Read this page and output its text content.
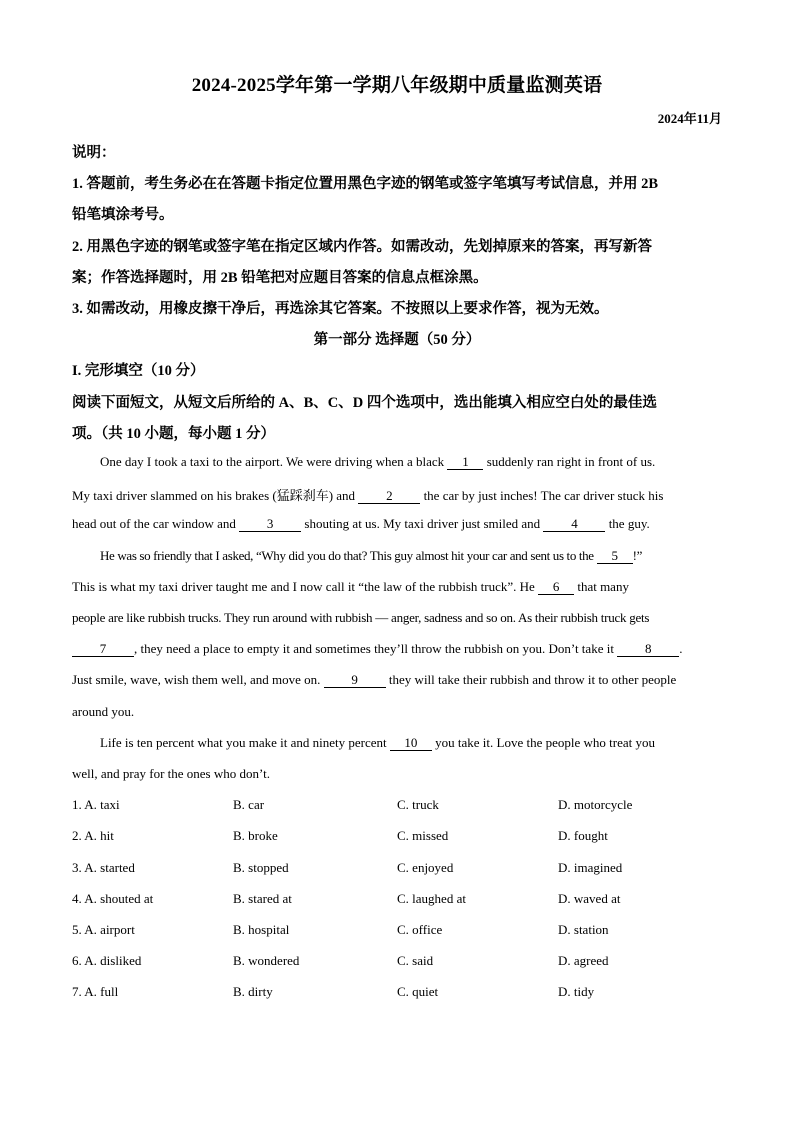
2024-2025学年第一学期八年级期中质量监测英语
2024年11月
说明：
1. 答题前，考生务必在在答题卡指定位置用黑色字迹的钢笔或签字笔填写考试信息，并用 2B
铅笔填涂考号。
2. 用黑色字迹的钢笔或签字笔在指定区域内作答。如需改动，先划掉原来的答案，再写新答
案；作答选择题时，用 2B 铅笔把对应题目答案的信息点框涂黑。
3. 如需改动，用橡皮擦干净后，再选涂其它答案。不按照以上要求作答，视为无效。
第一部分 选择题（50 分）
I. 完形填空（10 分）
阅读下面短文，从短文后所给的 A、B、C、D 四个选项中，选出能填入相应空白处的最佳选
项。（共 10 小题，每小题 1 分）
One day I took a taxi to the airport. We were driving when a black 1 suddenly ran right in front of us.
My taxi driver slammed on his brakes (猛踩刹车) and 2 the car by just inches! The car driver stuck his
head out of the car window and 3 shouting at us. My taxi driver just smiled and 4 the guy.
He was so friendly that I asked, “Why did you do that? This guy almost hit your car and sent us to the 5 !”
This is what my taxi driver taught me and I now call it “the law of the rubbish truck”. He 6 that many
people are like rubbish trucks. They run around with rubbish — anger, sadness and so on. As their rubbish truck gets
7 , they need a place to empty it and sometimes they’ll throw the rubbish on you. Don’t take it 8 .
Just smile, wave, wish them well, and move on. 9 they will take their rubbish and throw it to other people
around you.
Life is ten percent what you make it and ninety percent 10 you take it. Love the people who treat you
well, and pray for the ones who don’t.
1. A. taxi	B. car	C. truck	D. motorcycle
2. A. hit	B. broke	C. missed	D. fought
3. A. started	B. stopped	C. enjoyed	D. imagined
4. A. shouted at	B. stared at	C. laughed at	D. waved at
5. A. airport	B. hospital	C. office	D. station
6. A. disliked	B. wondered	C. said	D. agreed
7. A. full	B. dirty	C. quiet	D. tidy
